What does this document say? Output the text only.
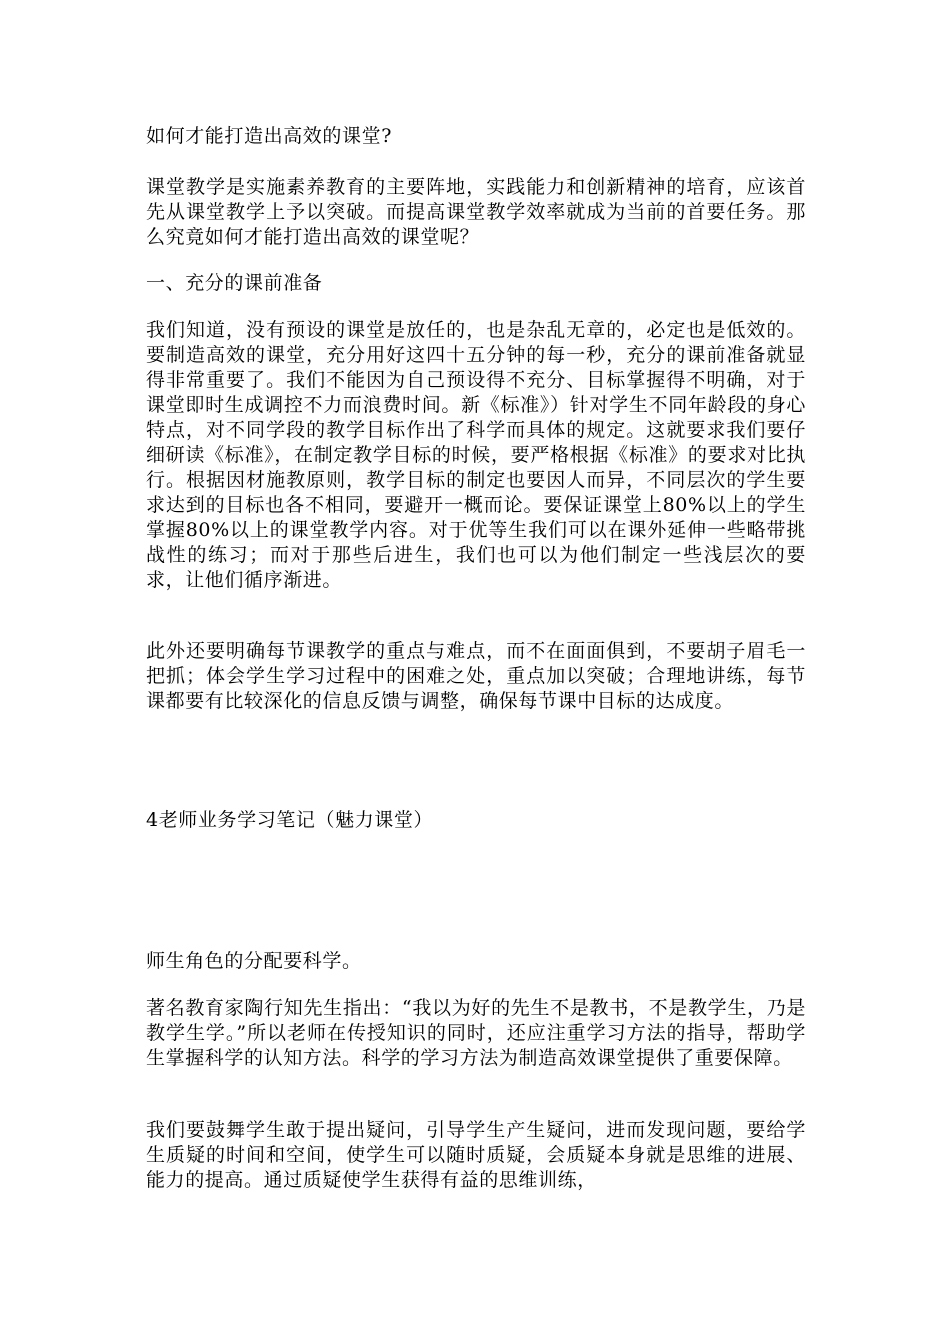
如何才能打造出高效的课堂?

课堂教学是实施素养教育的主要阵地，实践能力和创新精神的培育，应该首先从课堂教学上予以突破。而提高课堂教学效率就成为当前的首要任务。那么究竟如何才能打造出高效的课堂呢？

一、充分的课前准备

我们知道，没有预设的课堂是放任的，也是杂乱无章的，必定也是低效的。要制造高效的课堂，充分用好这四十五分钟的每一秒，充分的课前准备就显得非常重要了。我们不能因为自己预设得不充分、目标掌握得不明确，对于课堂即时生成调控不力而浪费时间。新《标准》）针对学生不同年龄段的身心特点，对不同学段的教学目标作出了科学而具体的规定。这就要求我们要仔细研读《标准》，在制定教学目标的时候，要严格根据《标准》的要求对比执行。根据因材施教原则，教学目标的制定也要因人而异，不同层次的学生要求达到的目标也各不相同，要避开一概而论。要保证课堂上80%以上的学生掌握80%以上的课堂教学内容。对于优等生我们可以在课外延伸一些略带挑战性的练习；而对于那些后进生，我们也可以为他们制定一些浅层次的要求，让他们循序渐进。

此外还要明确每节课教学的重点与难点，而不在面面俱到，不要胡子眉毛一把抓；体会学生学习过程中的困难之处，重点加以突破；合理地讲练，每节课都要有比较深化的信息反馈与调整，确保每节课中目标的达成度。

4老师业务学习笔记（魅力课堂）

师生角色的分配要科学。

著名教育家陶行知先生指出：“我以为好的先生不是教书，不是教学生，乃是教学生学。”所以老师在传授知识的同时，还应注重学习方法的指导，帮助学生掌握科学的认知方法。科学的学习方法为制造高效课堂提供了重要保障。

我们要鼓舞学生敢于提出疑问，引导学生产生疑问，进而发现问题，要给学生质疑的时间和空间，使学生可以随时质疑，会质疑本身就是思维的进展、能力的提高。通过质疑使学生获得有益的思维训练，
